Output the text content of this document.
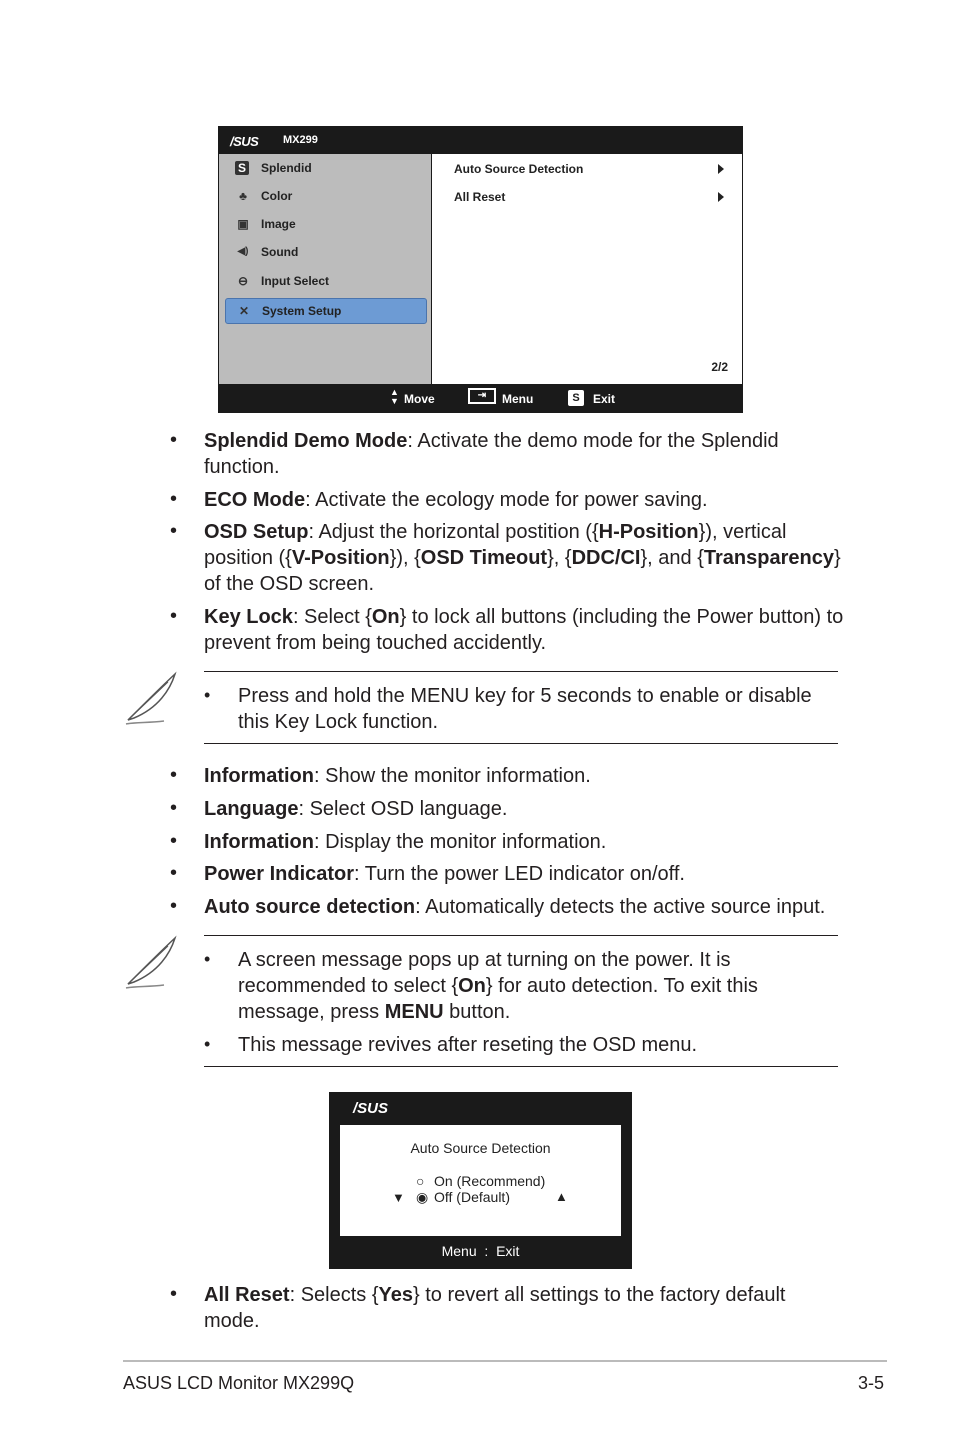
/SUS MX299
S Splendid
♣	Color
▣ Image
◀) Sound
⊖ Input Select
✕ System Setup
Auto Source Detection
All Reset
2/2
▲
▼ Move	⇥	Menu	S	Exit
• Splendid Demo Mode: Activate the demo mode for the Splendid function.
• ECO Mode: Activate the ecology mode for power saving.
• OSD Setup: Adjust the horizontal postition ({H-Position}), vertical position ({V-Position}), {OSD Timeout}, {DDC/CI}, and {Transparency} of the OSD screen.
• Key Lock: Select {On} to lock all buttons (including the Power button) to prevent from being touched accidently.
• Press and hold the MENU key for 5 seconds to enable or disable this Key Lock function.
• Information: Show the monitor information.
• Language: Select OSD language.
• Information: Display the monitor information.
• Power Indicator: Turn the power LED indicator on/off.
• Auto source detection: Automatically detects the active source input.
• A screen message pops up at turning on the power. It is recommended to select {On} for auto detection. To exit this message, press MENU button.
• This message revives after reseting the OSD menu.
/SUS
Auto Source Detection
○ On (Recommend)
▼ ◉ Off (Default)	▲
Menu  :  Exit
• All Reset: Selects {Yes} to revert all settings to the factory default mode.
ASUS LCD Monitor MX299Q	3-5
